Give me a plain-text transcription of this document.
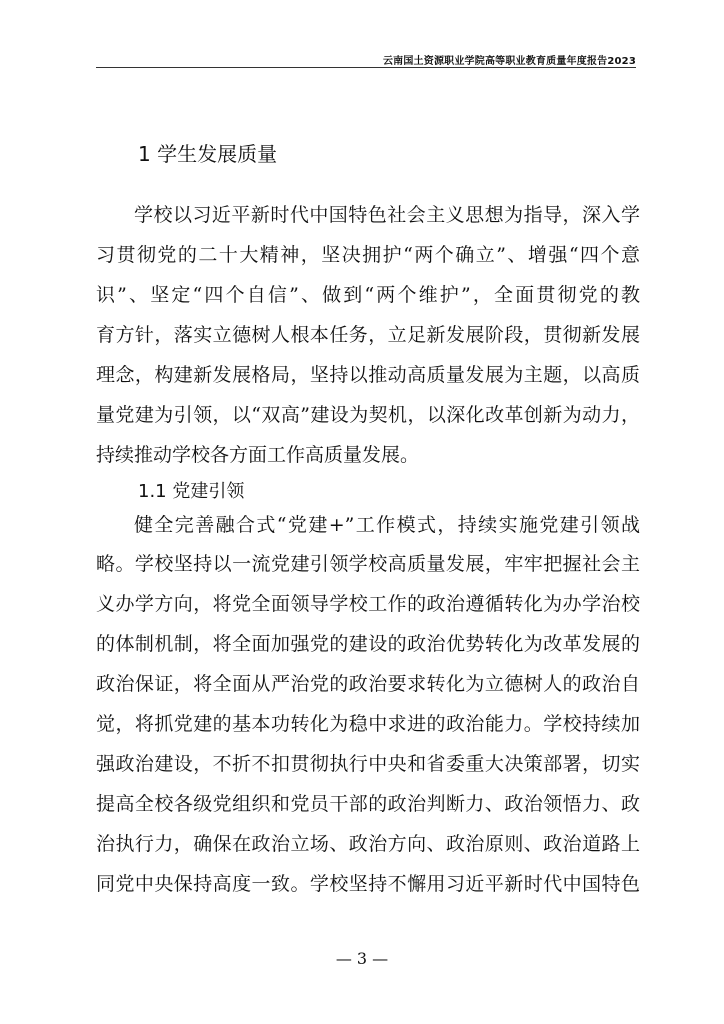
云南国土资源职业学院高等职业教育质量年度报告2023
1 学生发展质量
学校以习近平新时代中国特色社会主义思想为指导，深入学
习贯彻党的二十大精神，坚决拥护“两个确立”、增强“四个意
识”、坚定“四个自信”、做到“两个维护”，全面贯彻党的教
育方针，落实立德树人根本任务，立足新发展阶段，贯彻新发展
理念，构建新发展格局，坚持以推动高质量发展为主题，以高质
量党建为引领，以“双高”建设为契机，以深化改革创新为动力，
持续推动学校各方面工作高质量发展。
1.1 党建引领
健全完善融合式“党建+”工作模式，持续实施党建引领战
略。学校坚持以一流党建引领学校高质量发展，牢牢把握社会主
义办学方向，将党全面领导学校工作的政治遵循转化为办学治校
的体制机制，将全面加强党的建设的政治优势转化为改革发展的
政治保证，将全面从严治党的政治要求转化为立德树人的政治自
觉，将抓党建的基本功转化为稳中求进的政治能力。学校持续加
强政治建设，不折不扣贯彻执行中央和省委重大决策部署，切实
提高全校各级党组织和党员干部的政治判断力、政治领悟力、政
治执行力，确保在政治立场、政治方向、政治原则、政治道路上
同党中央保持高度一致。学校坚持不懈用习近平新时代中国特色
— 3 —
